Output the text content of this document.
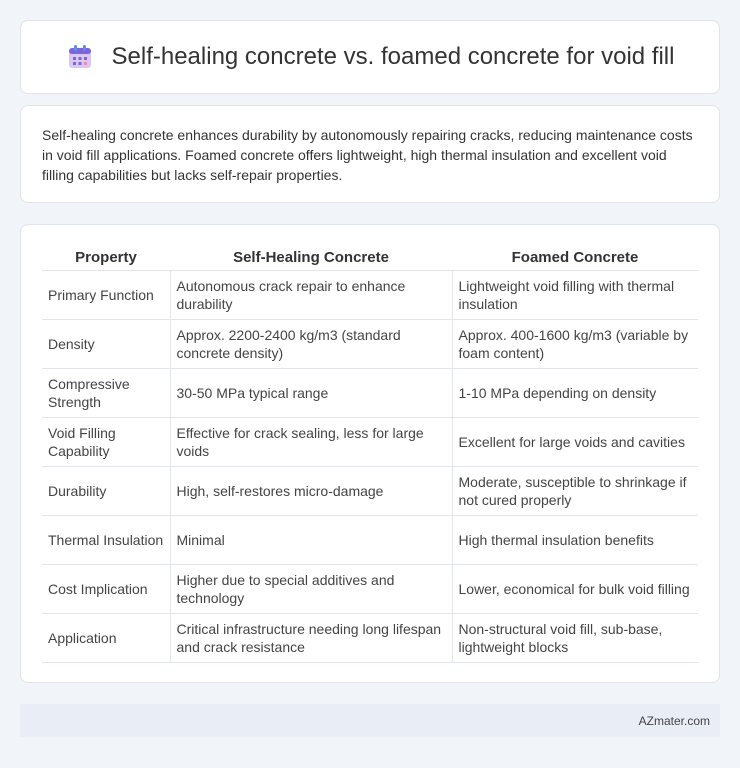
Self-healing concrete vs. foamed concrete for void fill

Self-healing concrete enhances durability by autonomously repairing cracks, reducing maintenance costs in void fill applications. Foamed concrete offers lightweight, high thermal insulation and excellent void filling capabilities but lacks self-repair properties.

Property	Self-Healing Concrete	Foamed Concrete
Primary Function	Autonomous crack repair to enhance durability	Lightweight void filling with thermal insulation
Density	Approx. 2200-2400 kg/m3 (standard concrete density)	Approx. 400-1600 kg/m3 (variable by foam content)
Compressive Strength	30-50 MPa typical range	1-10 MPa depending on density
Void Filling Capability	Effective for crack sealing, less for large voids	Excellent for large voids and cavities
Durability	High, self-restores micro-damage	Moderate, susceptible to shrinkage if not cured properly
Thermal Insulation	Minimal	High thermal insulation benefits
Cost Implication	Higher due to special additives and technology	Lower, economical for bulk void filling
Application	Critical infrastructure needing long lifespan and crack resistance	Non-structural void fill, sub-base, lightweight blocks
AZmater.com
